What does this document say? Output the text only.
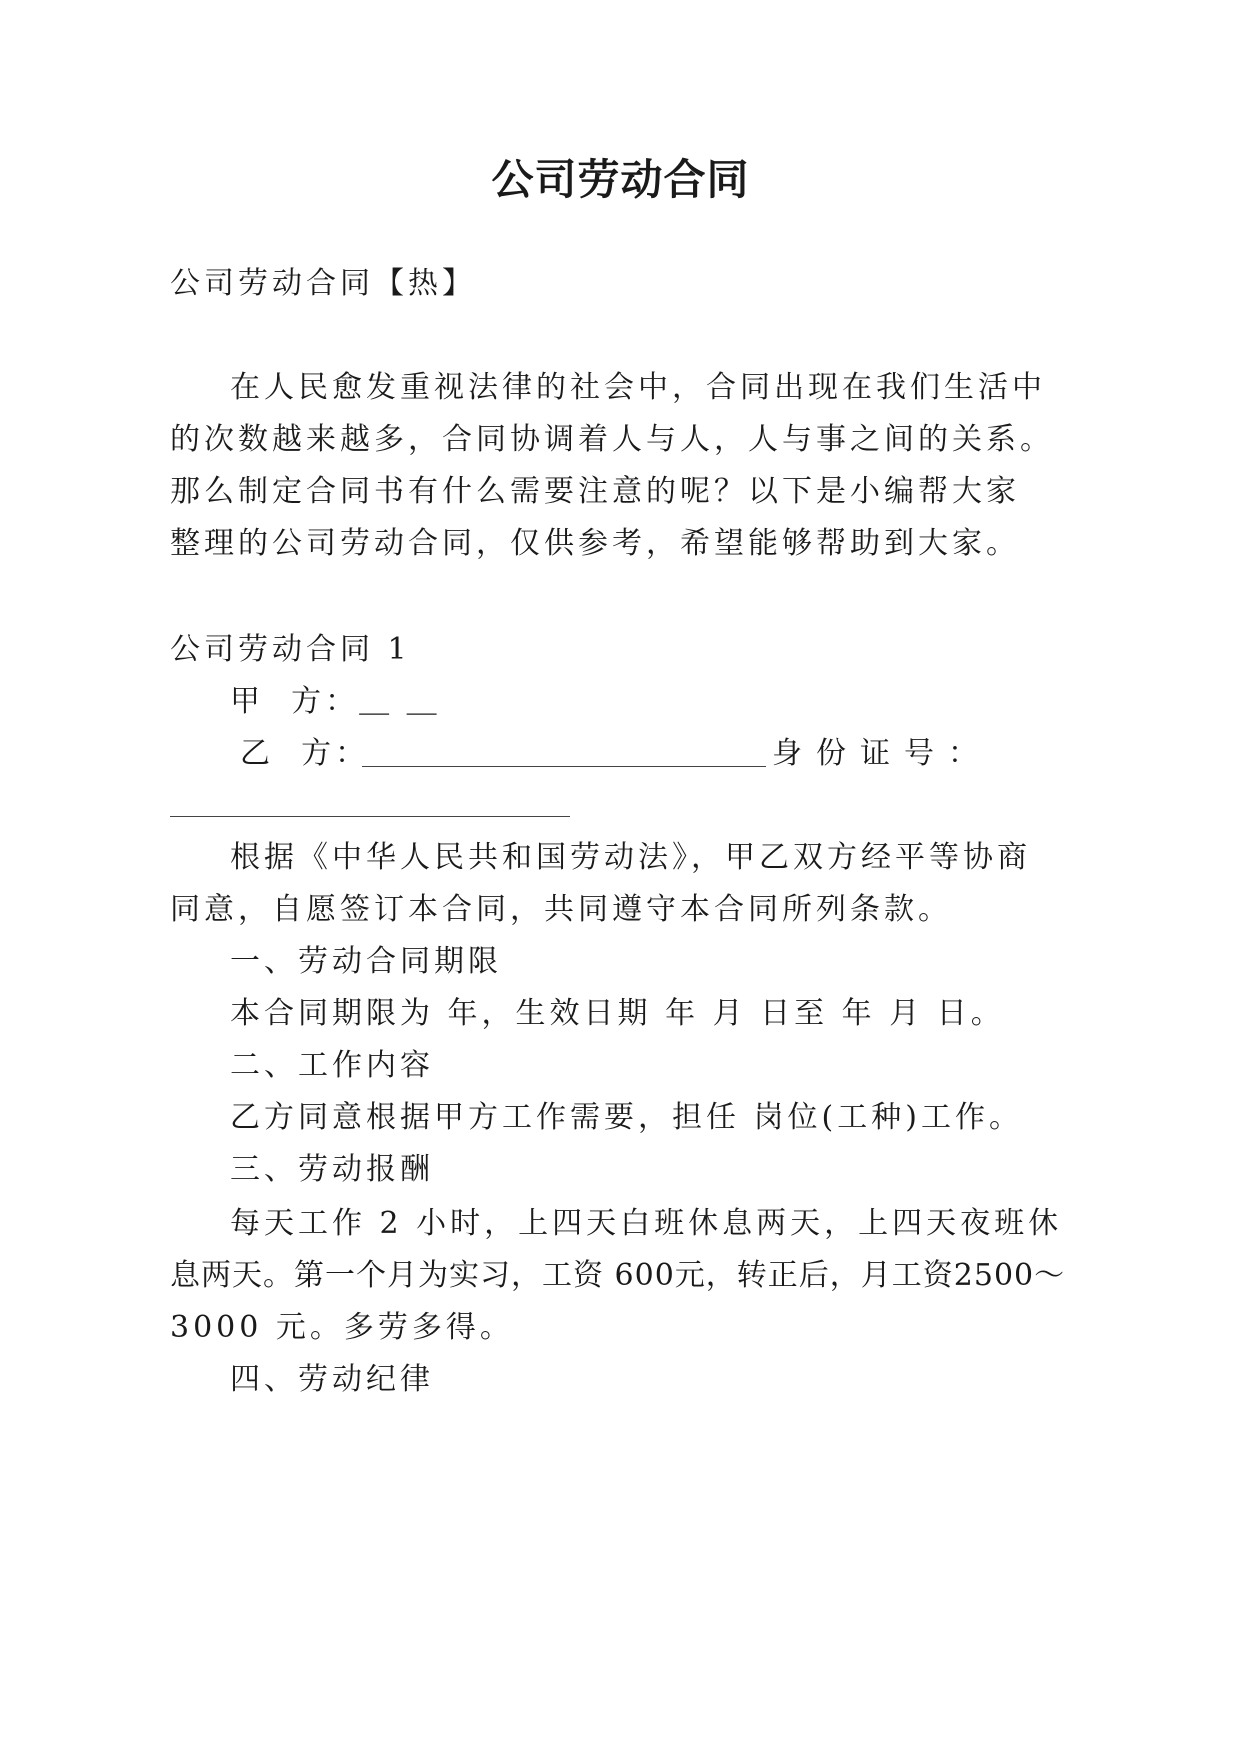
公司劳动合同
公司劳动合同【热】
在人民愈发重视法律的社会中，合同出现在我们生活中
的次数越来越多，合同协调着人与人，人与事之间的关系。
那么制定合同书有什么需要注意的呢？以下是小编帮大家
整理的公司劳动合同，仅供参考，希望能够帮助到大家。
公司劳动合同 1
甲  方：＿ ＿
乙  方：	身份证号：
根据《中华人民共和国劳动法》，甲乙双方经平等协商
同意，自愿签订本合同，共同遵守本合同所列条款。
一、劳动合同期限
本合同期限为 年，生效日期 年 月 日至 年 月 日。
二、工作内容
乙方同意根据甲方工作需要，担任 岗位(工种)工作。
三、劳动报酬
每天工作 2 小时，上四天白班休息两天，上四天夜班休
息两天。第一个月为实习，工资 600元，转正后，月工资2500～
3000 元。多劳多得。
四、劳动纪律
